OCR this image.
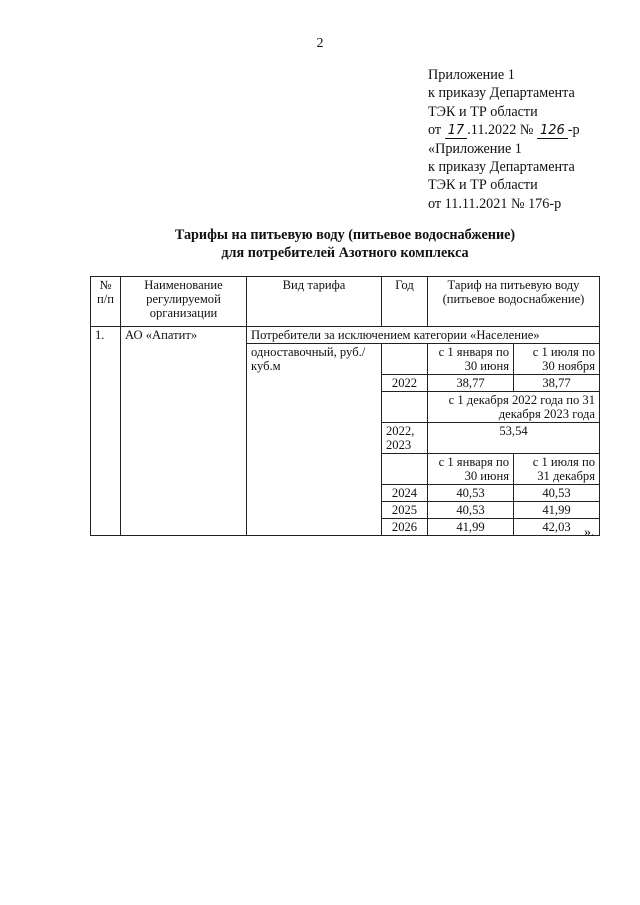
2
Приложение 1
к приказу Департамента
ТЭК и ТР области
от 17 .11.2022 № 126 -р
«Приложение 1
к приказу Департамента
ТЭК и ТР области
от 11.11.2021 № 176-р
Тарифы на питьевую воду (питьевое водоснабжение)
для потребителей Азотного комплекса
№ п/п	Наименование регулируемой организации	Вид тарифа	Год	Тариф на питьевую воду (питьевое водоснабжение)	
1.	АО «Апатит»	Потребители за исключением категории «Население»			
		одноставочный, руб./куб.м		с 1 января по 30 июня	с 1 июля по 30 ноября
			2022	38,77	38,77
				с 1 декабря 2022 года по 31 декабря 2023 года	
			2022, 2023	53,54	
				с 1 января по 30 июня	с 1 июля по 31 декабря
			2024	40,53	40,53
			2025	40,53	41,99
			2026	41,99	42,03 ».
